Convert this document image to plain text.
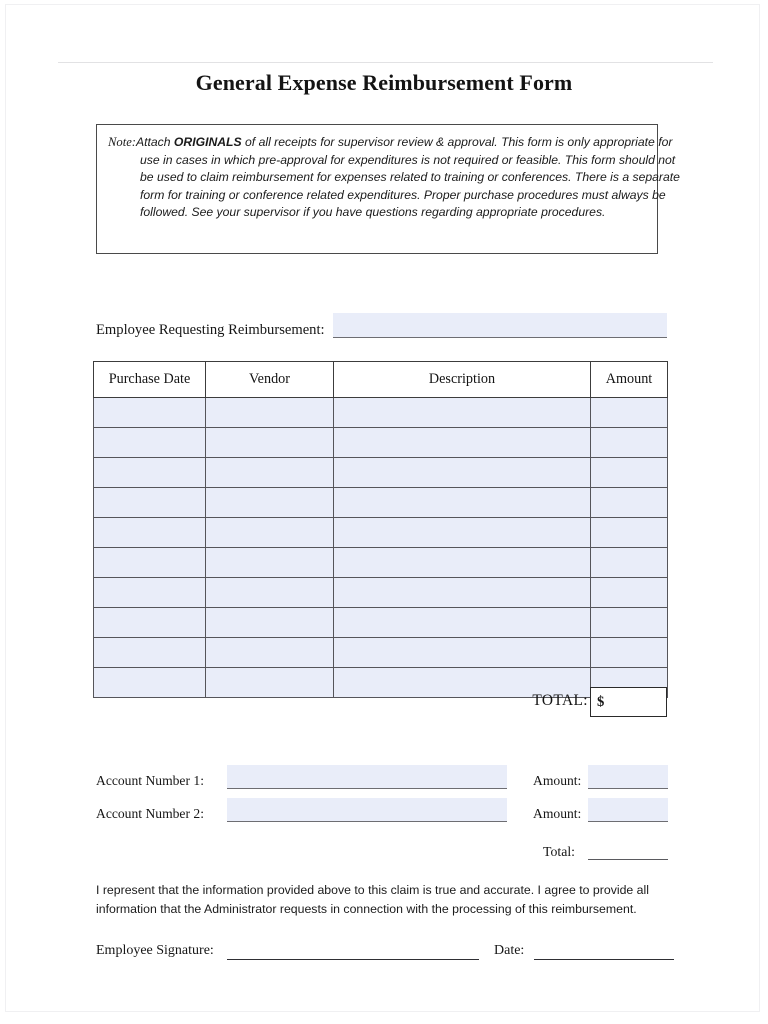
General Expense Reimbursement Form
Note:Attach ORIGINALS of all receipts for supervisor review & approval. This form is only appropriate for use in cases in which pre-approval for expenditures is not required or feasible. This form should not be used to claim reimbursement for expenses related to training or conferences. There is a separate form for training or conference related expenditures. Proper purchase procedures must always be followed. See your supervisor if you have questions regarding appropriate procedures.
Employee Requesting Reimbursement:
Purchase Date	Vendor	Description	Amount

TOTAL: $
Account Number 1:	Amount:
Account Number 2:	Amount:
Total:
I represent that the information provided above to this claim is true and accurate. I agree to provide all information that the Administrator requests in connection with the processing of this reimbursement.
Employee Signature:	Date:
